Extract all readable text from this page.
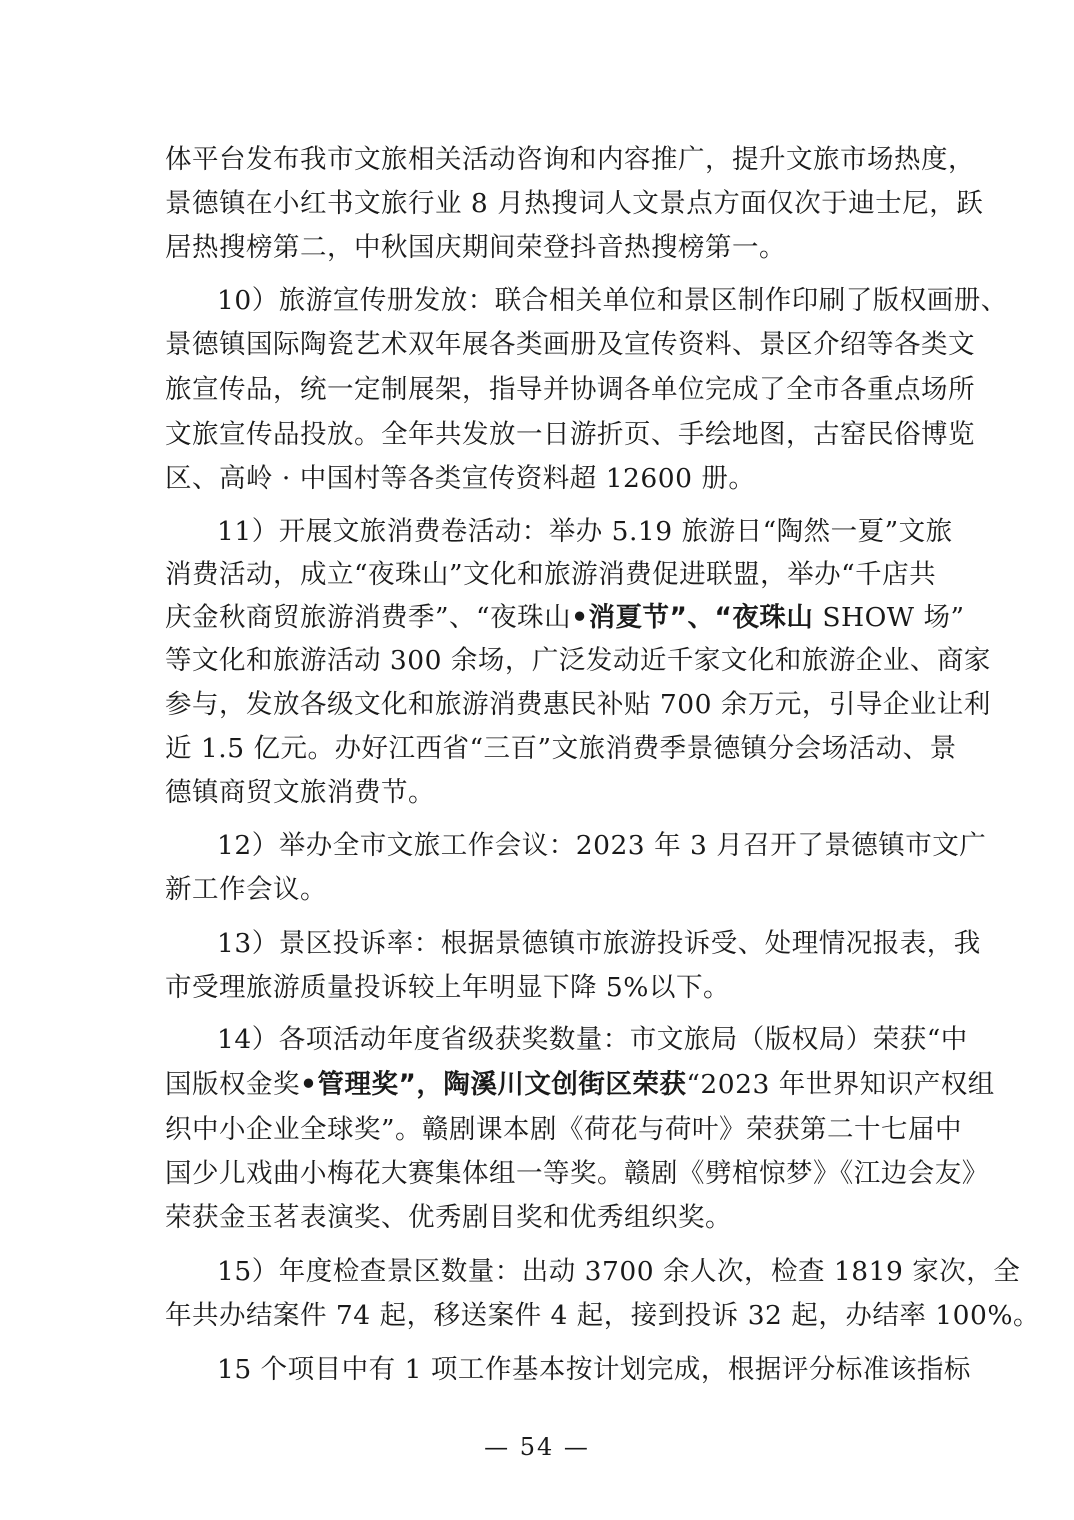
体平台发布我市文旅相关活动咨询和内容推广，提升文旅市场热度，
景德镇在小红书文旅行业 8 月热搜词人文景点方面仅次于迪士尼，跃
居热搜榜第二，中秋国庆期间荣登抖音热搜榜第一。
10）旅游宣传册发放：联合相关单位和景区制作印刷了版权画册、
景德镇国际陶瓷艺术双年展各类画册及宣传资料、景区介绍等各类文
旅宣传品，统一定制展架，指导并协调各单位完成了全市各重点场所
文旅宣传品投放。全年共发放一日游折页、手绘地图，古窑民俗博览
区、高岭 · 中国村等各类宣传资料超 12600 册。
11）开展文旅消费卷活动：举办 5.19 旅游日“陶然一夏”文旅
消费活动，成立“夜珠山”文化和旅游消费促进联盟，举办“千店共
庆金秋商贸旅游消费季”、“夜珠山•消夏节”、“夜珠山 SHOW 场”
等文化和旅游活动 300 余场，广泛发动近千家文化和旅游企业、商家
参与，发放各级文化和旅游消费惠民补贴 700 余万元，引导企业让利
近 1.5 亿元。办好江西省“三百”文旅消费季景德镇分会场活动、景
德镇商贸文旅消费节。
12）举办全市文旅工作会议：2023 年 3 月召开了景德镇市文广
新工作会议。
13）景区投诉率：根据景德镇市旅游投诉受、处理情况报表，我
市受理旅游质量投诉较上年明显下降 5%以下。
14）各项活动年度省级获奖数量：市文旅局（版权局）荣获“中
国版权金奖•管理奖”，陶溪川文创街区荣获“2023 年世界知识产权组
织中小企业全球奖”。赣剧课本剧《荷花与荷叶》荣获第二十七届中
国少儿戏曲小梅花大赛集体组一等奖。赣剧《劈棺惊梦》《江边会友》
荣获金玉茗表演奖、优秀剧目奖和优秀组织奖。
15）年度检查景区数量：出动 3700 余人次，检查 1819 家次，全
年共办结案件 74 起，移送案件 4 起，接到投诉 32 起，办结率 100%。
15 个项目中有 1 项工作基本按计划完成，根据评分标准该指标
— 54 —
